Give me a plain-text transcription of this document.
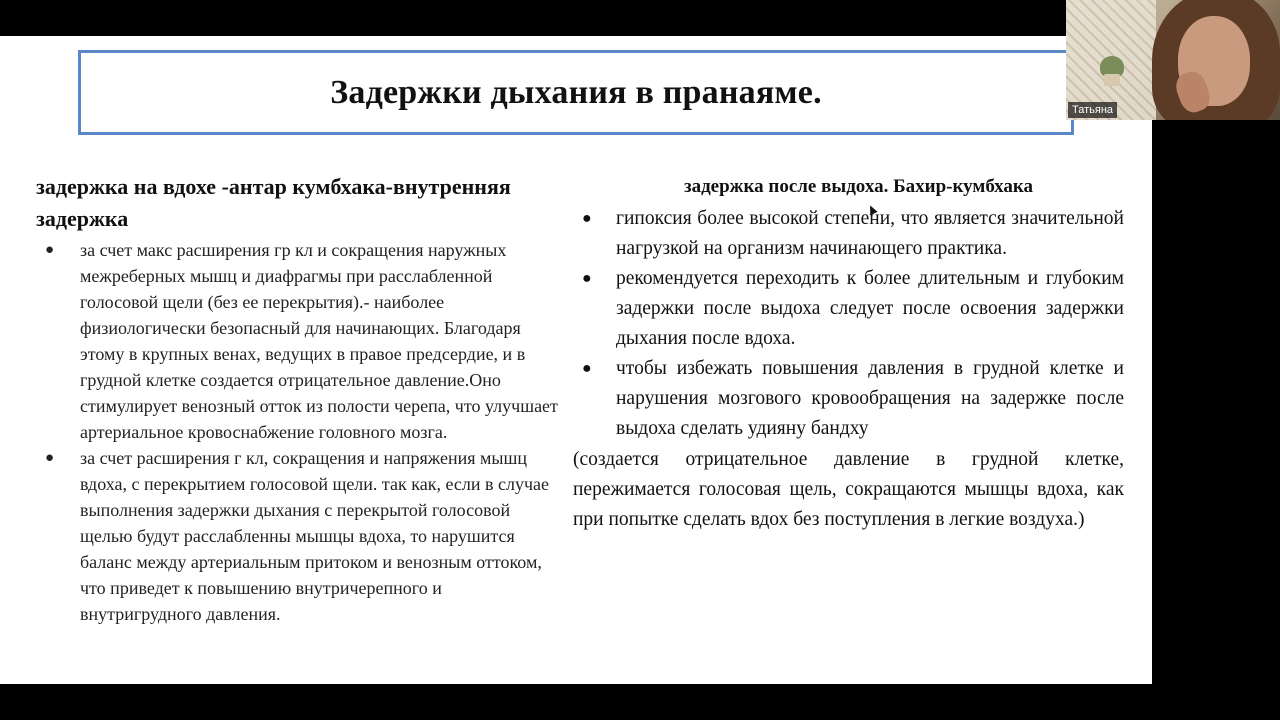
Задержки дыхания в пранаяме.
задержка на вдохе -антар кумбхака-внутренняя
задержка
● за счет макс расширения гр кл и сокращения наружных межреберных мышц и диафрагмы при расслабленной голосовой щели (без ее перекрытия).- наиболее физиологически безопасный для начинающих. Благодаря этому в крупных венах, ведущих в правое предсердие, и в грудной клетке создается отрицательное давление.Оно стимулирует венозный отток из полости черепа, что улучшает артериальное кровоснабжение головного мозга.
● за счет расширения г кл, сокращения и напряжения мышц вдоха, с перекрытием голосовой щели. так как, если в случае выполнения задержки дыхания с перекрытой голосовой щелью будут расслабленны мышцы вдоха, то нарушится баланс между артериальным притоком и венозным оттоком, что приведет к повышению внутричерепного и внутригрудного давления.
задержка после выдоха. Бахир-кумбхака
● гипоксия более высокой степени, что является значительной нагрузкой на организм начинающего практика.
● рекомендуется переходить к более длительным и глубоким задержки после выдоха следует после освоения задержки дыхания после вдоха.
● чтобы избежать повышения давления в грудной клетке и нарушения мозгового кровообращения на задержке после выдоха сделать удияну бандху
(создается отрицательное давление в грудной клетке, пережимается голосовая щель, сокращаются мышцы вдоха, как при попытке сделать вдох без поступления в легкие воздуха.)
Татьяна
